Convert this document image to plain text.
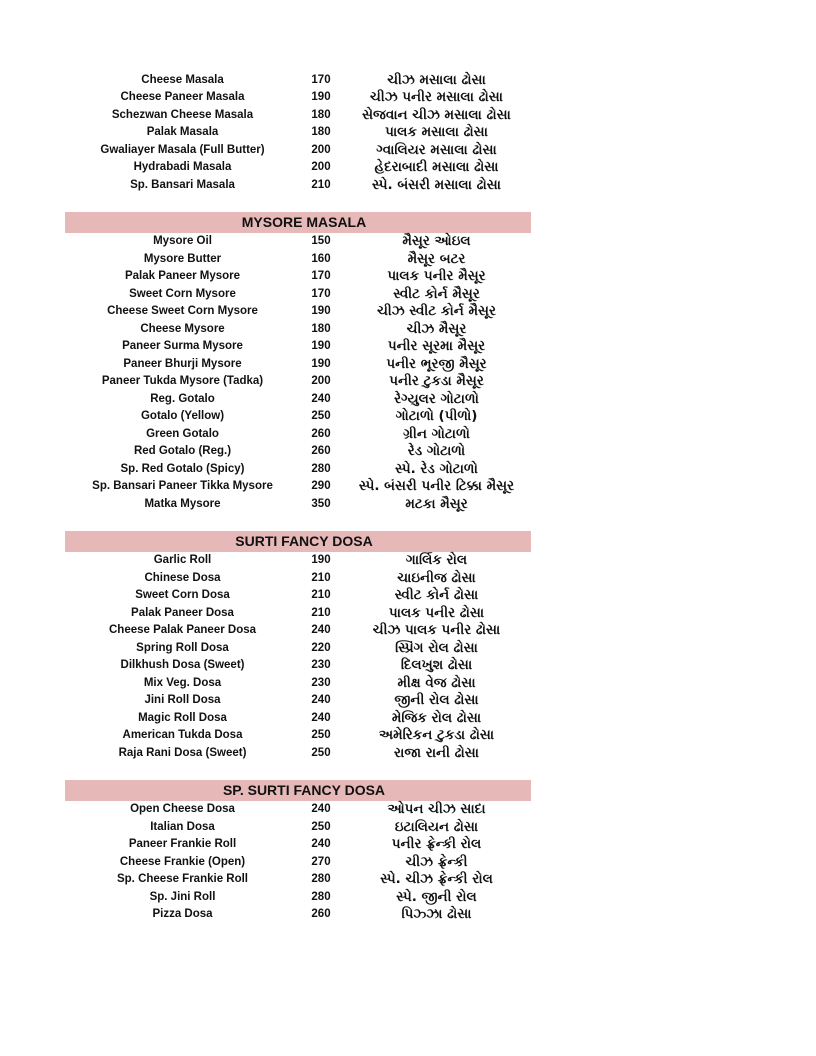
Cheese Masala	170	ચીઝ મસાલા ઢોસા
Cheese Paneer Masala	190	ચીઝ પનીર મસાલા ઢોસા
Schezwan Cheese Masala	180	સેજવાન ચીઝ મસાલા ઢોસા
Palak Masala	180	પાલક મસાલા ઢોસા
Gwaliayer Masala (Full Butter)	200	ગ્વાલિયર મસાલા ઢોસા
Hydrabadi Masala	200	હેદરાબાદી મસાલા ઢોસા
Sp. Bansari Masala	210	સ્પે. બંસરી મસાલા ઢોસા
MYSORE MASALA
Mysore Oil	150	મૈસૂર ઓઇલ
Mysore Butter	160	મૈસૂર બટર
Palak Paneer Mysore	170	પાલક પનીર મૈસૂર
Sweet Corn Mysore	170	સ્વીટ કોર્ન મૈસૂર
Cheese Sweet Corn Mysore	190	ચીઝ સ્વીટ કોર્ન મૈસૂર
Cheese Mysore	180	ચીઝ મૈસૂર
Paneer Surma Mysore	190	પનીર સૂરમા મૈસૂર
Paneer Bhurji Mysore	190	પનીર ભૂરજી મૈસૂર
Paneer Tukda Mysore (Tadka)	200	પનીર ટુકડા મૈસૂર
Reg. Gotalo	240	રેગ્યુલર ગોટાળો
Gotalo (Yellow)	250	ગોટાળો (પીળો)
Green Gotalo	260	ગ્રીન ગોટાળો
Red Gotalo (Reg.)	260	રેડ ગોટાળો
Sp. Red Gotalo (Spicy)	280	સ્પે. રેડ ગોટાળો
Sp. Bansari Paneer Tikka Mysore	290	સ્પે. બંસરી પનીર ટિક્કા મૈસૂર
Matka Mysore	350	મટકા મૈસૂર
SURTI FANCY DOSA
Garlic Roll	190	ગાર્લિક રોલ
Chinese Dosa	210	ચાઇનીજ ઢોસા
Sweet Corn Dosa	210	સ્વીટ કોર્ન ઢોસા
Palak Paneer Dosa	210	પાલક પનીર ઢોસા
Cheese Palak Paneer Dosa	240	ચીઝ પાલક પનીર ઢોસા
Spring Roll Dosa	220	સ્પ્રિંગ રોલ ઢોસા
Dilkhush Dosa (Sweet)	230	દિલખુશ ઢોસા
Mix Veg. Dosa	230	મીક્ષ વેજ ઢોસા
Jini Roll Dosa	240	જીની રોલ ઢોસા
Magic Roll Dosa	240	મેજિક રોલ ઢોસા
American Tukda Dosa	250	અમેરિકન ટુકડા ઢોસા
Raja Rani Dosa (Sweet)	250	રાજા રાની ઢોસા
SP. SURTI FANCY DOSA
Open Cheese Dosa	240	ઓપન ચીઝ સાદા
Italian Dosa	250	ઇટાલિયન ઢોસા
Paneer Frankie Roll	240	પનીર ફ્રેન્કી રોલ
Cheese Frankie (Open)	270	ચીઝ ફ્રેન્કી
Sp. Cheese Frankie Roll	280	સ્પે. ચીઝ ફ્રેન્કી રોલ
Sp. Jini Roll	280	સ્પે. જીની રોલ
Pizza Dosa	260	પિઝ્ઝા ઢોસા
